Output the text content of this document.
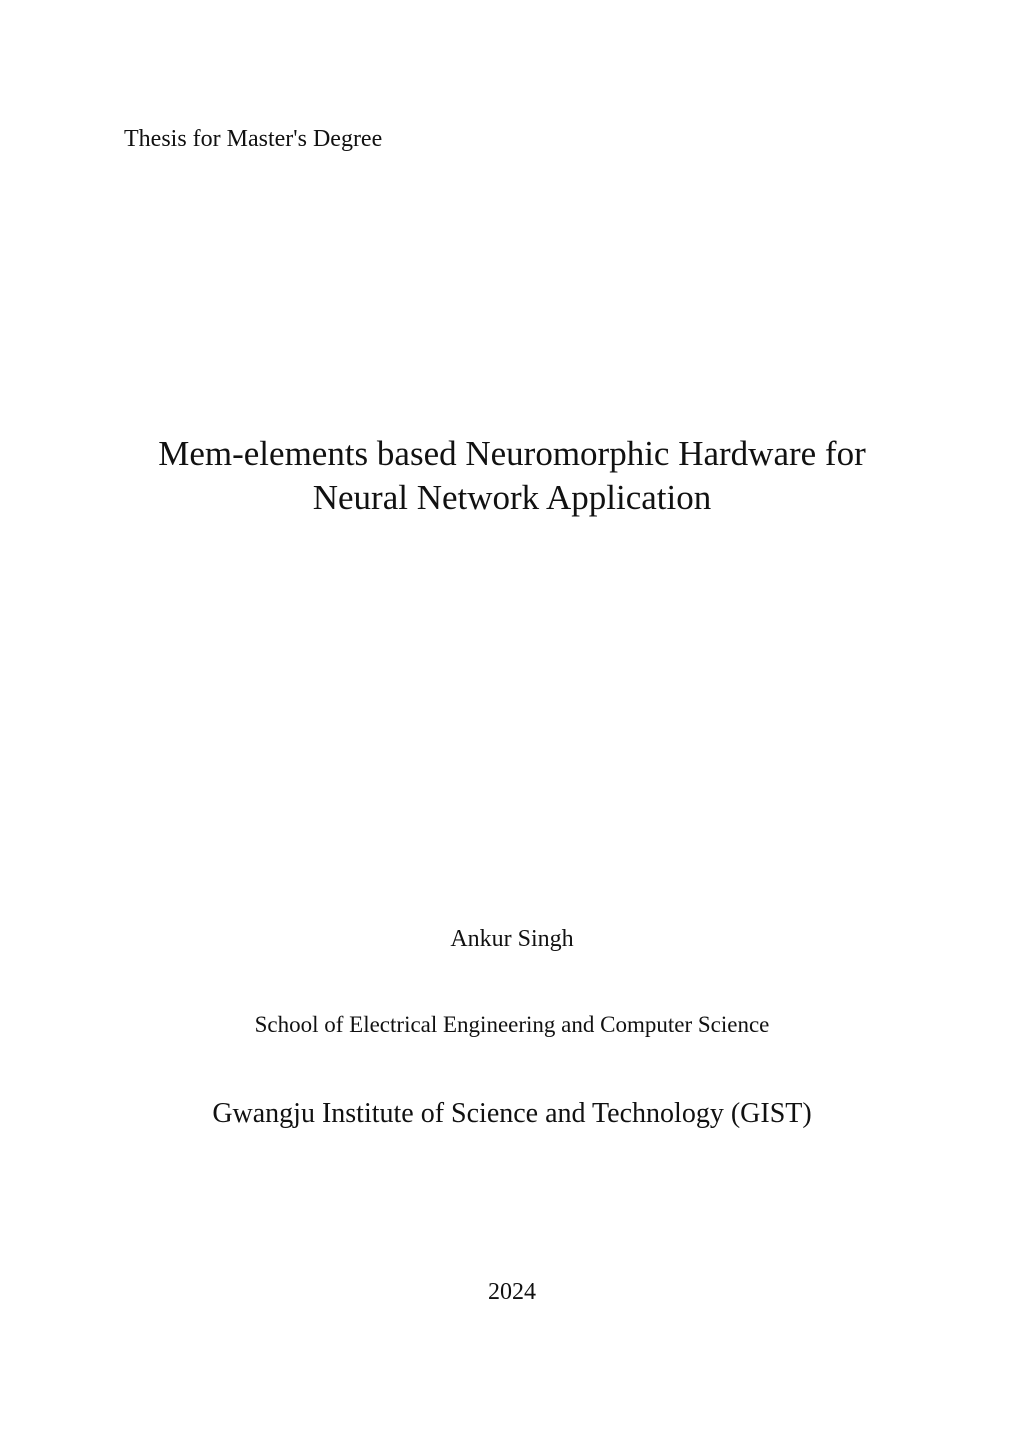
Thesis for Master's Degree
Mem-elements based Neuromorphic Hardware for
Neural Network Application
Ankur Singh
School of Electrical Engineering and Computer Science
Gwangju Institute of Science and Technology (GIST)
2024
